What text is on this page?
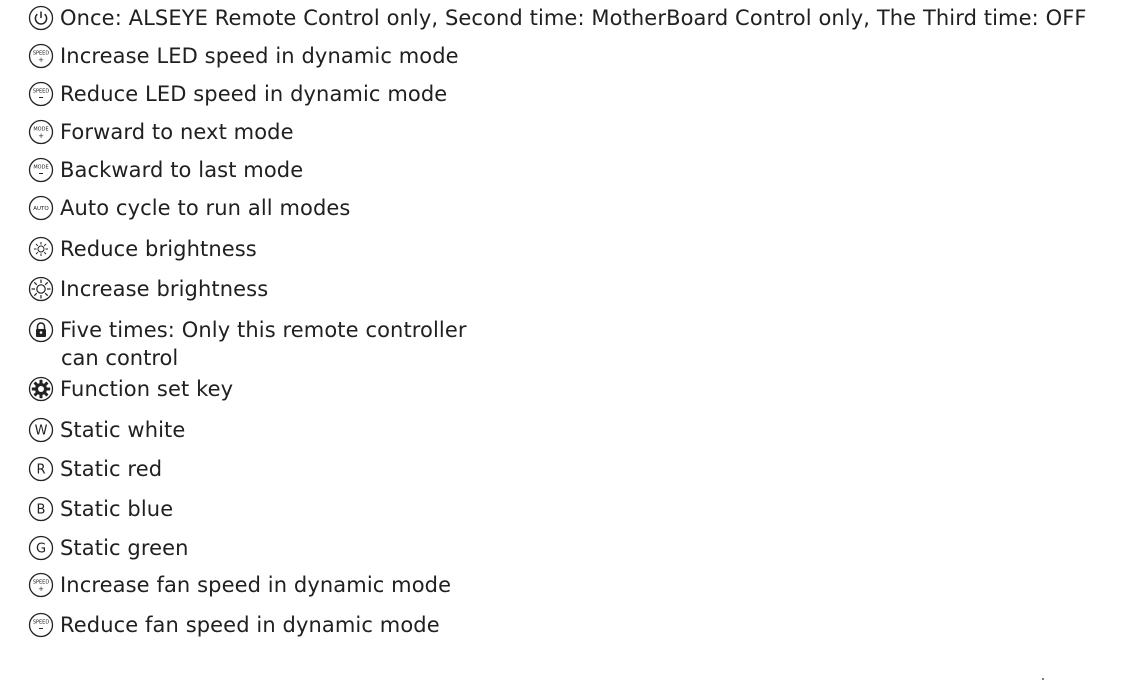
Once: ALSEYE Remote Control only, Second time: MotherBoard Control only, The Third time: OFF
SPEED
+ Increase LED speed in dynamic mode
SPEED Reduce LED speed in dynamic mode
MODE
+ Forward to next mode
MODE Backward to last mode
AUTO Auto cycle to run all modes
Reduce brightness
Increase brightness
Five times: Only this remote controller
can control
Function set key
W Static white
R Static red
B Static blue
G Static green
SPEED
+ Increase fan speed in dynamic mode
SPEED Reduce fan speed in dynamic mode
